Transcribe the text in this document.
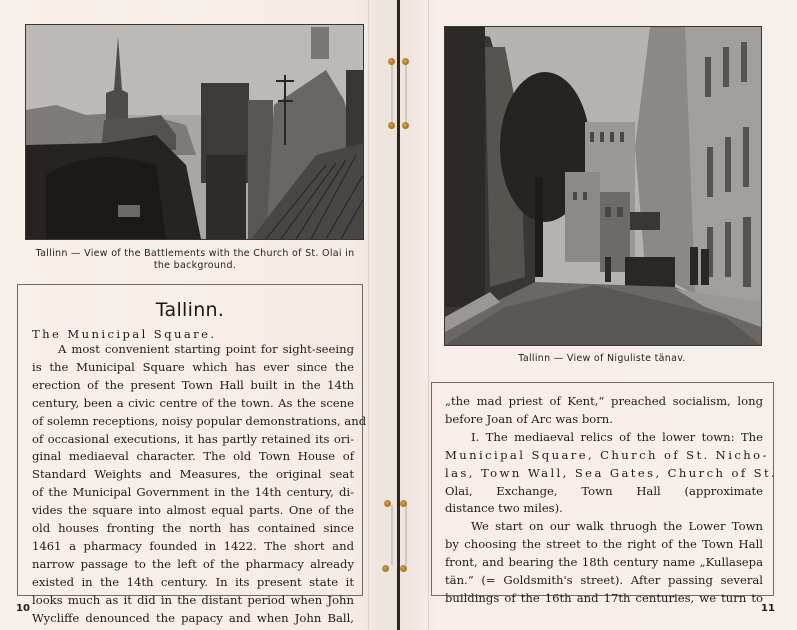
Tallinn — View of the Battlements with the Church of St. Olai in
the background.
Tallinn.
The Municipal Square.
A most convenient starting point for sight-seeing
is the Municipal Square which has ever since the
erection of the present Town Hall built in the 14th
century, been a civic centre of the town. As the scene
of solemn receptions, noisy popular demonstrations, and
of occasional executions, it has partly retained its ori-
ginal mediaeval character. The old Town House of
Standard Weights and Measures, the original seat
of the Municipal Government in the 14th century, di-
vides the square into almost equal parts. One of the
old houses fronting the north has contained since
1461 a pharmacy founded in 1422. The short and
narrow passage to the left of the pharmacy already
existed in the 14th century. In its present state it
looks much as it did in the distant period when John
Wycliffe denounced the papacy and when John Ball,
10
Tallinn — View of Niguliste tänav.
„the mad priest of Kent,“ preached socialism, long
before Joan of Arc was born.
I. The mediaeval relics of the lower town: The
Municipal Square, Church of St. Nicho-
las, Town Wall, Sea Gates, Church of St.
Olai, Exchange, Town Hall (approximate
distance two miles).
We start on our walk thruogh the Lower Town
by choosing the street to the right of the Town Hall
front, and bearing the 18th century name „Kullasepa
tän.“ (= Goldsmith's street). After passing several
buildings of the 16th and 17th centuries, we turn to
11
